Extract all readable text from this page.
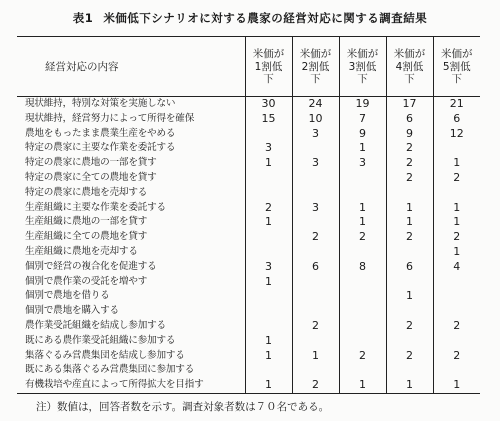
表1 米価低下シナリオに対する農家の経営対応に関する調査結果
経営対応の内容	米価が
1割低
下	米価が
2割低
下	米価が
3割低
下	米価が
4割低
下	米価が
5割低
下
現状維持，特別な対策を実施しない	30	24	19	17	21
現状維持，経営努力によって所得を確保	15	10	7	6	6
農地をもったまま農業生産をやめる		3	9	9	12
特定の農家に主要な作業を委託する	3		1	2	
特定の農家に農地の一部を貸す	1	3	3	2	1
特定の農家に全ての農地を貸す				2	2
特定の農家に農地を売却する					
生産組織に主要な作業を委託する	2	3	1	1	1
生産組織に農地の一部を貸す	1		1	1	1
生産組織に全ての農地を貸す		2	2	2	2
生産組織に農地を売却する					1
個別で経営の複合化を促進する	3	6	8	6	4
個別で農作業の受託を増やす	1				
個別で農地を借りる				1	
個別で農地を購入する					
農作業受託組織を結成し参加する		2		2	2
既にある農作業受託組織に参加する	1				
集落ぐるみ営農集団を結成し参加する	1	1	2	2	2
既にある集落ぐるみ営農集団に参加する					
有機栽培や産直によって所得拡大を目指す	1	2	1	1	1
注）数値は，回答者数を示す。調査対象者数は７０名である。
